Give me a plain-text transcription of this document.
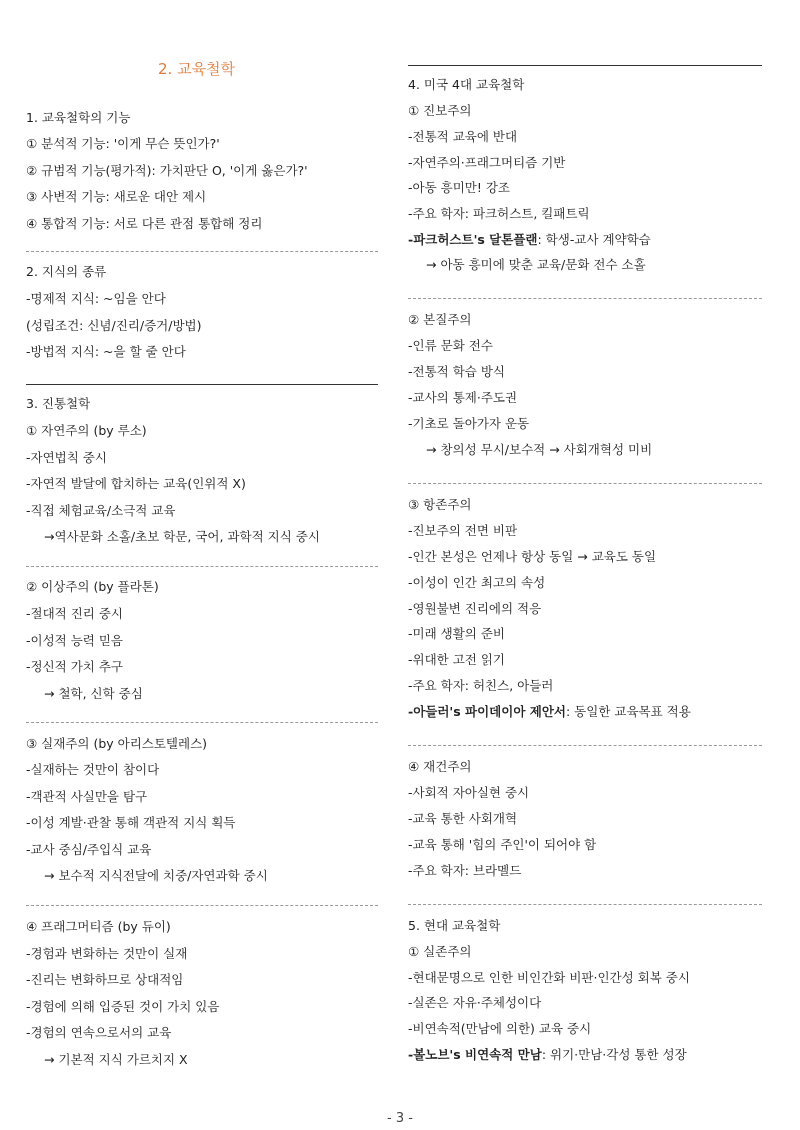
2. 교육철학
1. 교육철학의 기능
① 분석적 기능: '이게 무슨 뜻인가?'
② 규범적 기능(평가적): 가치판단 O, '이게 옳은가?'
③ 사변적 기능: 새로운 대안 제시
④ 통합적 기능: 서로 다른 관점 통합해 정리
2. 지식의 종류
-명제적 지식: ~임을 안다
(성립조건: 신념/진리/증거/방법)
-방법적 지식: ~을 할 줄 안다
3. 진통철학
① 자연주의 (by 루소)
-자연법칙 중시
-자연적 발달에 합치하는 교육(인위적 X)
-직접 체험교육/소극적 교육
→역사문화 소홀/초보 학문, 국어, 과학적 지식 중시
② 이상주의 (by 플라톤)
-절대적 진리 중시
-이성적 능력 믿음
-정신적 가치 추구
→ 철학, 신학 중심
③ 실재주의 (by 아리스토텔레스)
-실재하는 것만이 참이다
-객관적 사실만을 탐구
-이성 계발·관찰 통해 객관적 지식 획득
-교사 중심/주입식 교육
→ 보수적 지식전달에 치중/자연과학 중시
④ 프래그머티즘 (by 듀이)
-경험과 변화하는 것만이 실재
-진리는 변화하므로 상대적임
-경험에 의해 입증된 것이 가치 있음
-경험의 연속으로서의 교육
→ 기본적 지식 가르치지 X
4. 미국 4대 교육철학
① 진보주의
-전통적 교육에 반대
-자연주의·프래그머티즘 기반
-아동 흥미만! 강조
-주요 학자: 파크허스트, 킬패트릭
-파크허스트's 달톤플랜: 학생-교사 계약학습
→ 아동 흥미에 맞춘 교육/문화 전수 소홀
② 본질주의
-인류 문화 전수
-전통적 학습 방식
-교사의 통제·주도권
-기초로 돌아가자 운동
→ 창의성 무시/보수적 → 사회개혁성 미비
③ 항존주의
-진보주의 전면 비판
-인간 본성은 언제나 항상 동일 → 교육도 동일
-이성이 인간 최고의 속성
-영원불변 진리에의 적응
-미래 생활의 준비
-위대한 고전 읽기
-주요 학자: 허친스, 아들러
-아들러's 파이데이아 제안서: 동일한 교육목표 적용
④ 재건주의
-사회적 자아실현 중시
-교육 통한 사회개혁
-교육 통해 '힘의 주인'이 되어야 함
-주요 학자: 브라멜드
5. 현대 교육철학
① 실존주의
-현대문명으로 인한 비인간화 비판·인간성 회복 중시
-실존은 자유·주체성이다
-비연속적(만남에 의한) 교육 중시
-볼노브's 비연속적 만남: 위기·만남·각성 통한 성장
- 3 -
